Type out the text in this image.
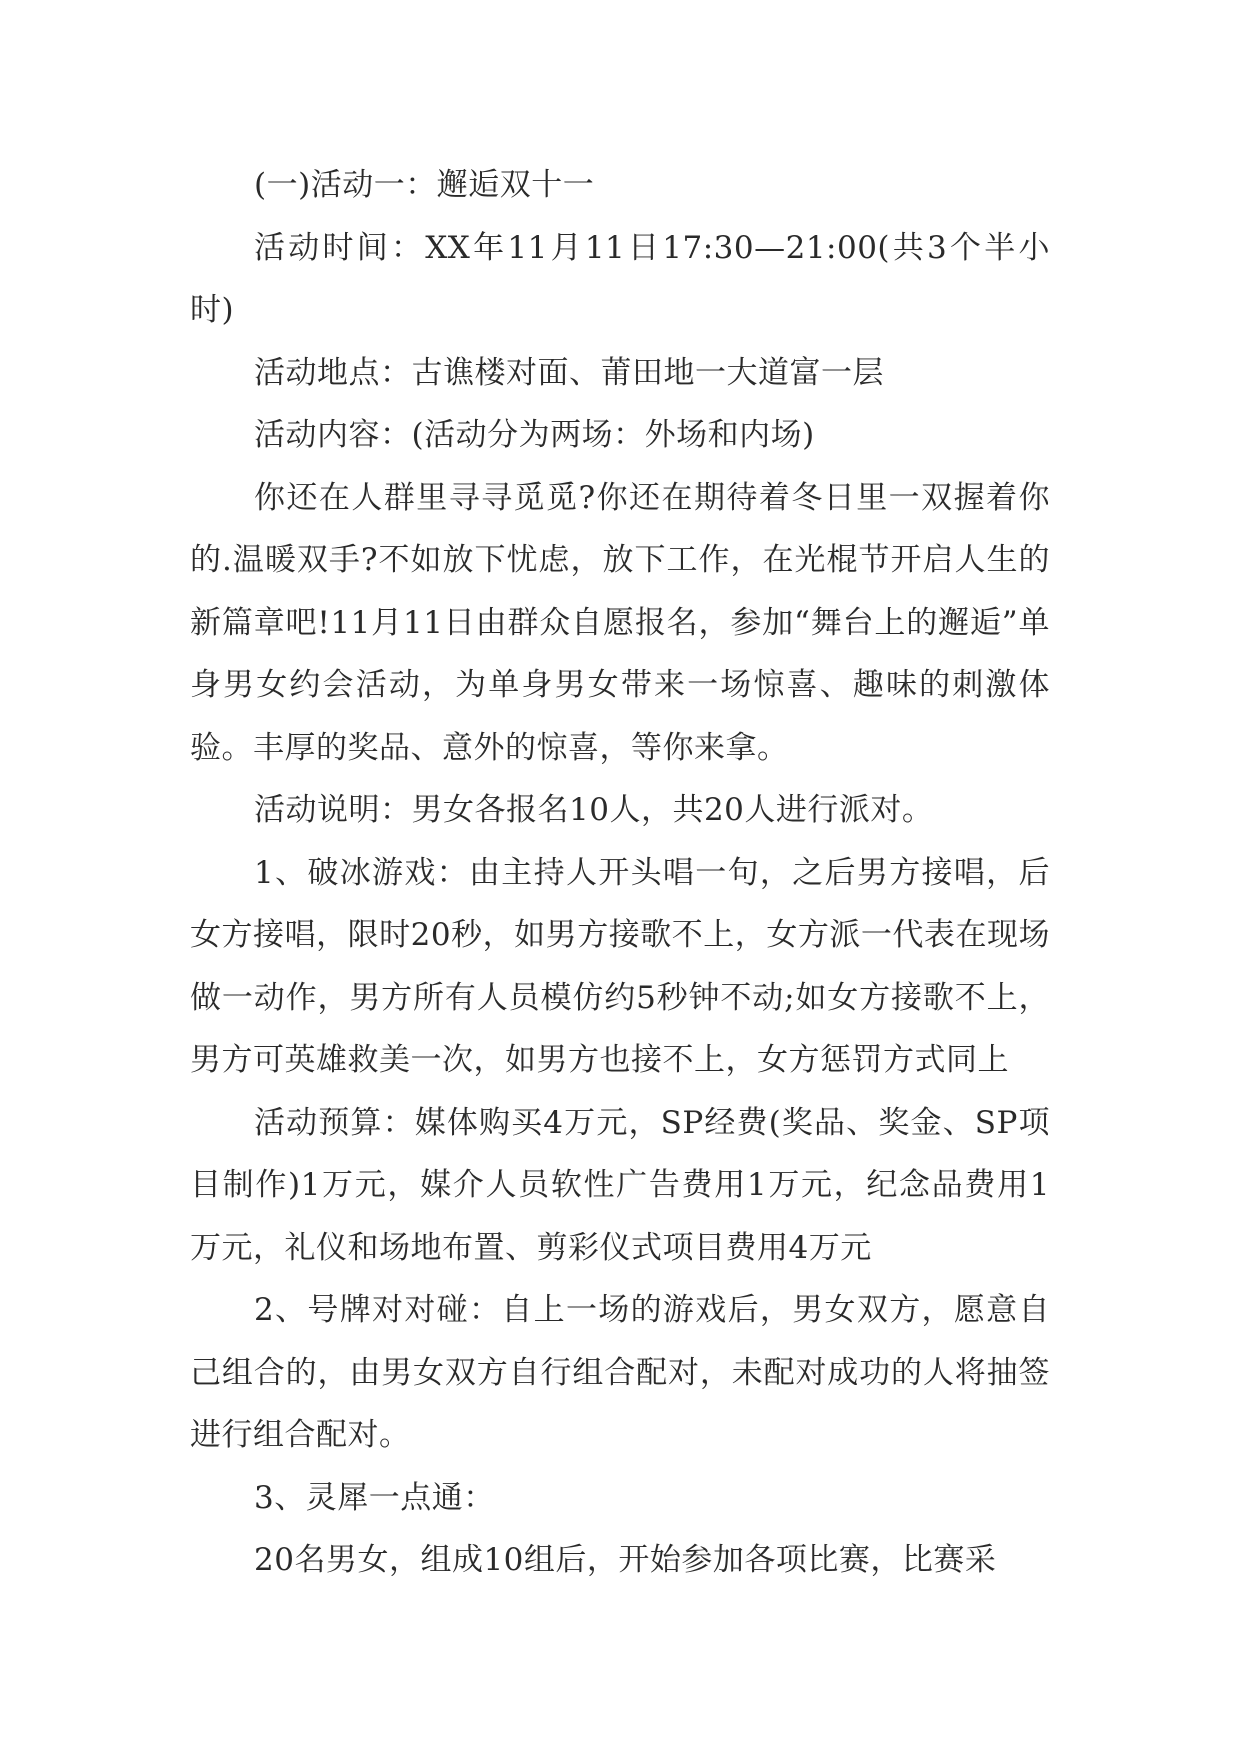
(一)活动一：邂逅双十一

活动时间：XX年11月11日17:30—21:00(共3个半小时)

活动地点：古谯楼对面、莆田地一大道富一层

活动内容：(活动分为两场：外场和内场)

你还在人群里寻寻觅觅?你还在期待着冬日里一双握着你的.温暖双手?不如放下忧虑，放下工作，在光棍节开启人生的新篇章吧!11月11日由群众自愿报名，参加“舞台上的邂逅”单身男女约会活动，为单身男女带来一场惊喜、趣味的刺激体验。丰厚的奖品、意外的惊喜，等你来拿。

活动说明：男女各报名10人，共20人进行派对。

1、破冰游戏：由主持人开头唱一句，之后男方接唱，后女方接唱，限时20秒，如男方接歌不上，女方派一代表在现场做一动作，男方所有人员模仿约5秒钟不动;如女方接歌不上，男方可英雄救美一次，如男方也接不上，女方惩罚方式同上

活动预算：媒体购买4万元，SP经费(奖品、奖金、SP项目制作)1万元，媒介人员软性广告费用1万元，纪念品费用1万元，礼仪和场地布置、剪彩仪式项目费用4万元

2、号牌对对碰：自上一场的游戏后，男女双方，愿意自己组合的，由男女双方自行组合配对，未配对成功的人将抽签进行组合配对。

3、灵犀一点通：

20名男女，组成10组后，开始参加各项比赛，比赛采
